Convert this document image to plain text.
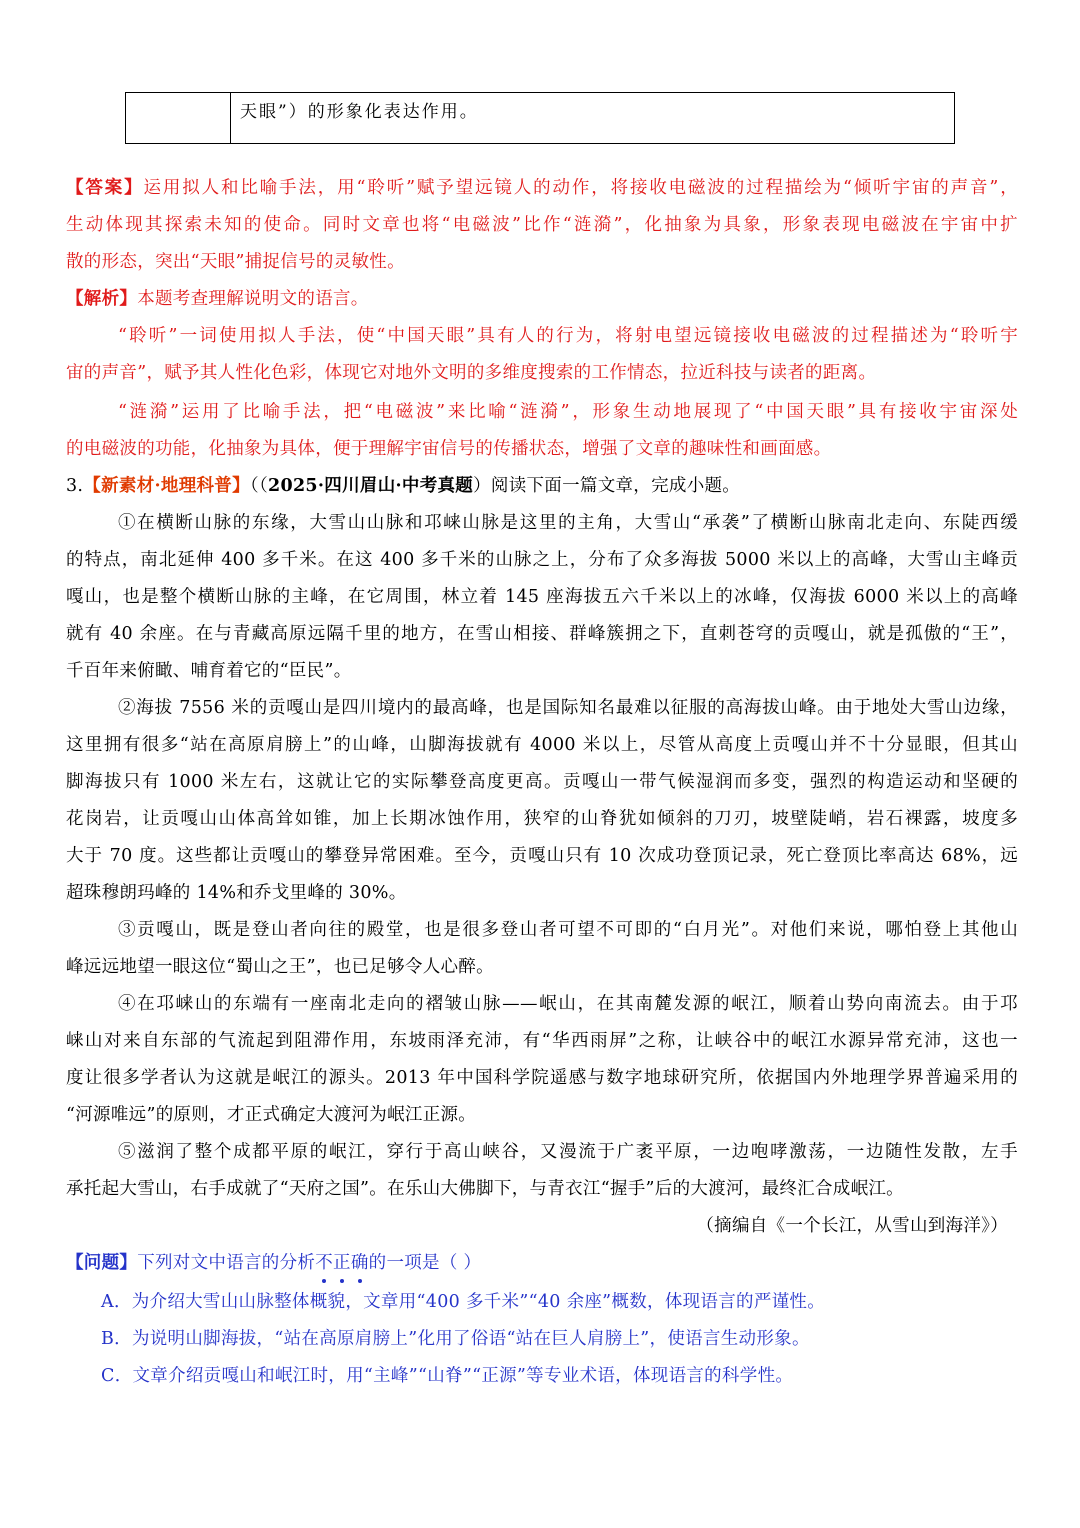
天眼”）的形象化表达作用。
【答案】运用拟人和比喻手法，用“聆听”赋予望远镜人的动作，将接收电磁波的过程描绘为“倾听宇宙的声音”，
生动体现其探索未知的使命。同时文章也将“电磁波”比作“涟漪”，化抽象为具象，形象表现电磁波在宇宙中扩
散的形态，突出“天眼”捕捉信号的灵敏性。
【解析】本题考查理解说明文的语言。
“聆听”一词使用拟人手法，使“中国天眼”具有人的行为，将射电望远镜接收电磁波的过程描述为“聆听宇
宙的声音”，赋予其人性化色彩，体现它对地外文明的多维度搜索的工作情态，拉近科技与读者的距离。
“涟漪”运用了比喻手法，把“电磁波”来比喻“涟漪”，形象生动地展现了“中国天眼”具有接收宇宙深处
的电磁波的功能，化抽象为具体，便于理解宇宙信号的传播状态，增强了文章的趣味性和画面感。
3.【新素材·地理科普】（（2025·四川眉山·中考真题）阅读下面一篇文章，完成小题。
①在横断山脉的东缘，大雪山山脉和邛崃山脉是这里的主角，大雪山“承袭”了横断山脉南北走向、东陡西缓
的特点，南北延伸 400 多千米。在这 400 多千米的山脉之上，分布了众多海拔 5000 米以上的高峰，大雪山主峰贡
嘎山，也是整个横断山脉的主峰，在它周围，林立着 145 座海拔五六千米以上的冰峰，仅海拔 6000 米以上的高峰
就有 40 余座。在与青藏高原远隔千里的地方，在雪山相接、群峰簇拥之下，直刺苍穹的贡嘎山，就是孤傲的“王”，
千百年来俯瞰、哺育着它的“臣民”。
②海拔 7556 米的贡嘎山是四川境内的最高峰，也是国际知名最难以征服的高海拔山峰。由于地处大雪山边缘，
这里拥有很多“站在高原肩膀上”的山峰，山脚海拔就有 4000 米以上，尽管从高度上贡嘎山并不十分显眼，但其山
脚海拔只有 1000 米左右，这就让它的实际攀登高度更高。贡嘎山一带气候湿润而多变，强烈的构造运动和坚硬的
花岗岩，让贡嘎山山体高耸如锥，加上长期冰蚀作用，狭窄的山脊犹如倾斜的刀刃，坡壁陡峭，岩石裸露，坡度多
大于 70 度。这些都让贡嘎山的攀登异常困难。至今，贡嘎山只有 10 次成功登顶记录，死亡登顶比率高达 68%，远
超珠穆朗玛峰的 14%和乔戈里峰的 30%。
③贡嘎山，既是登山者向往的殿堂，也是很多登山者可望不可即的“白月光”。对他们来说，哪怕登上其他山
峰远远地望一眼这位“蜀山之王”，也已足够令人心醉。
④在邛崃山的东端有一座南北走向的褶皱山脉——岷山，在其南麓发源的岷江，顺着山势向南流去。由于邛
崃山对来自东部的气流起到阻滞作用，东坡雨泽充沛，有“华西雨屏”之称，让峡谷中的岷江水源异常充沛，这也一
度让很多学者认为这就是岷江的源头。2013 年中国科学院遥感与数字地球研究所，依据国内外地理学界普遍采用的
“河源唯远”的原则，才正式确定大渡河为岷江正源。
⑤滋润了整个成都平原的岷江，穿行于高山峡谷，又漫流于广袤平原，一边咆哮激荡，一边随性发散，左手
承托起大雪山，右手成就了“天府之国”。在乐山大佛脚下，与青衣江“握手”后的大渡河，最终汇合成岷江。
（摘编自《一个长江，从雪山到海洋》）
【问题】下列对文中语言的分析不正确的一项是（ ）
A．为介绍大雪山山脉整体概貌，文章用“400 多千米”“40 余座”概数，体现语言的严谨性。
B．为说明山脚海拔，“站在高原肩膀上”化用了俗语“站在巨人肩膀上”，使语言生动形象。
C．文章介绍贡嘎山和岷江时，用“主峰”“山脊”“正源”等专业术语，体现语言的科学性。
